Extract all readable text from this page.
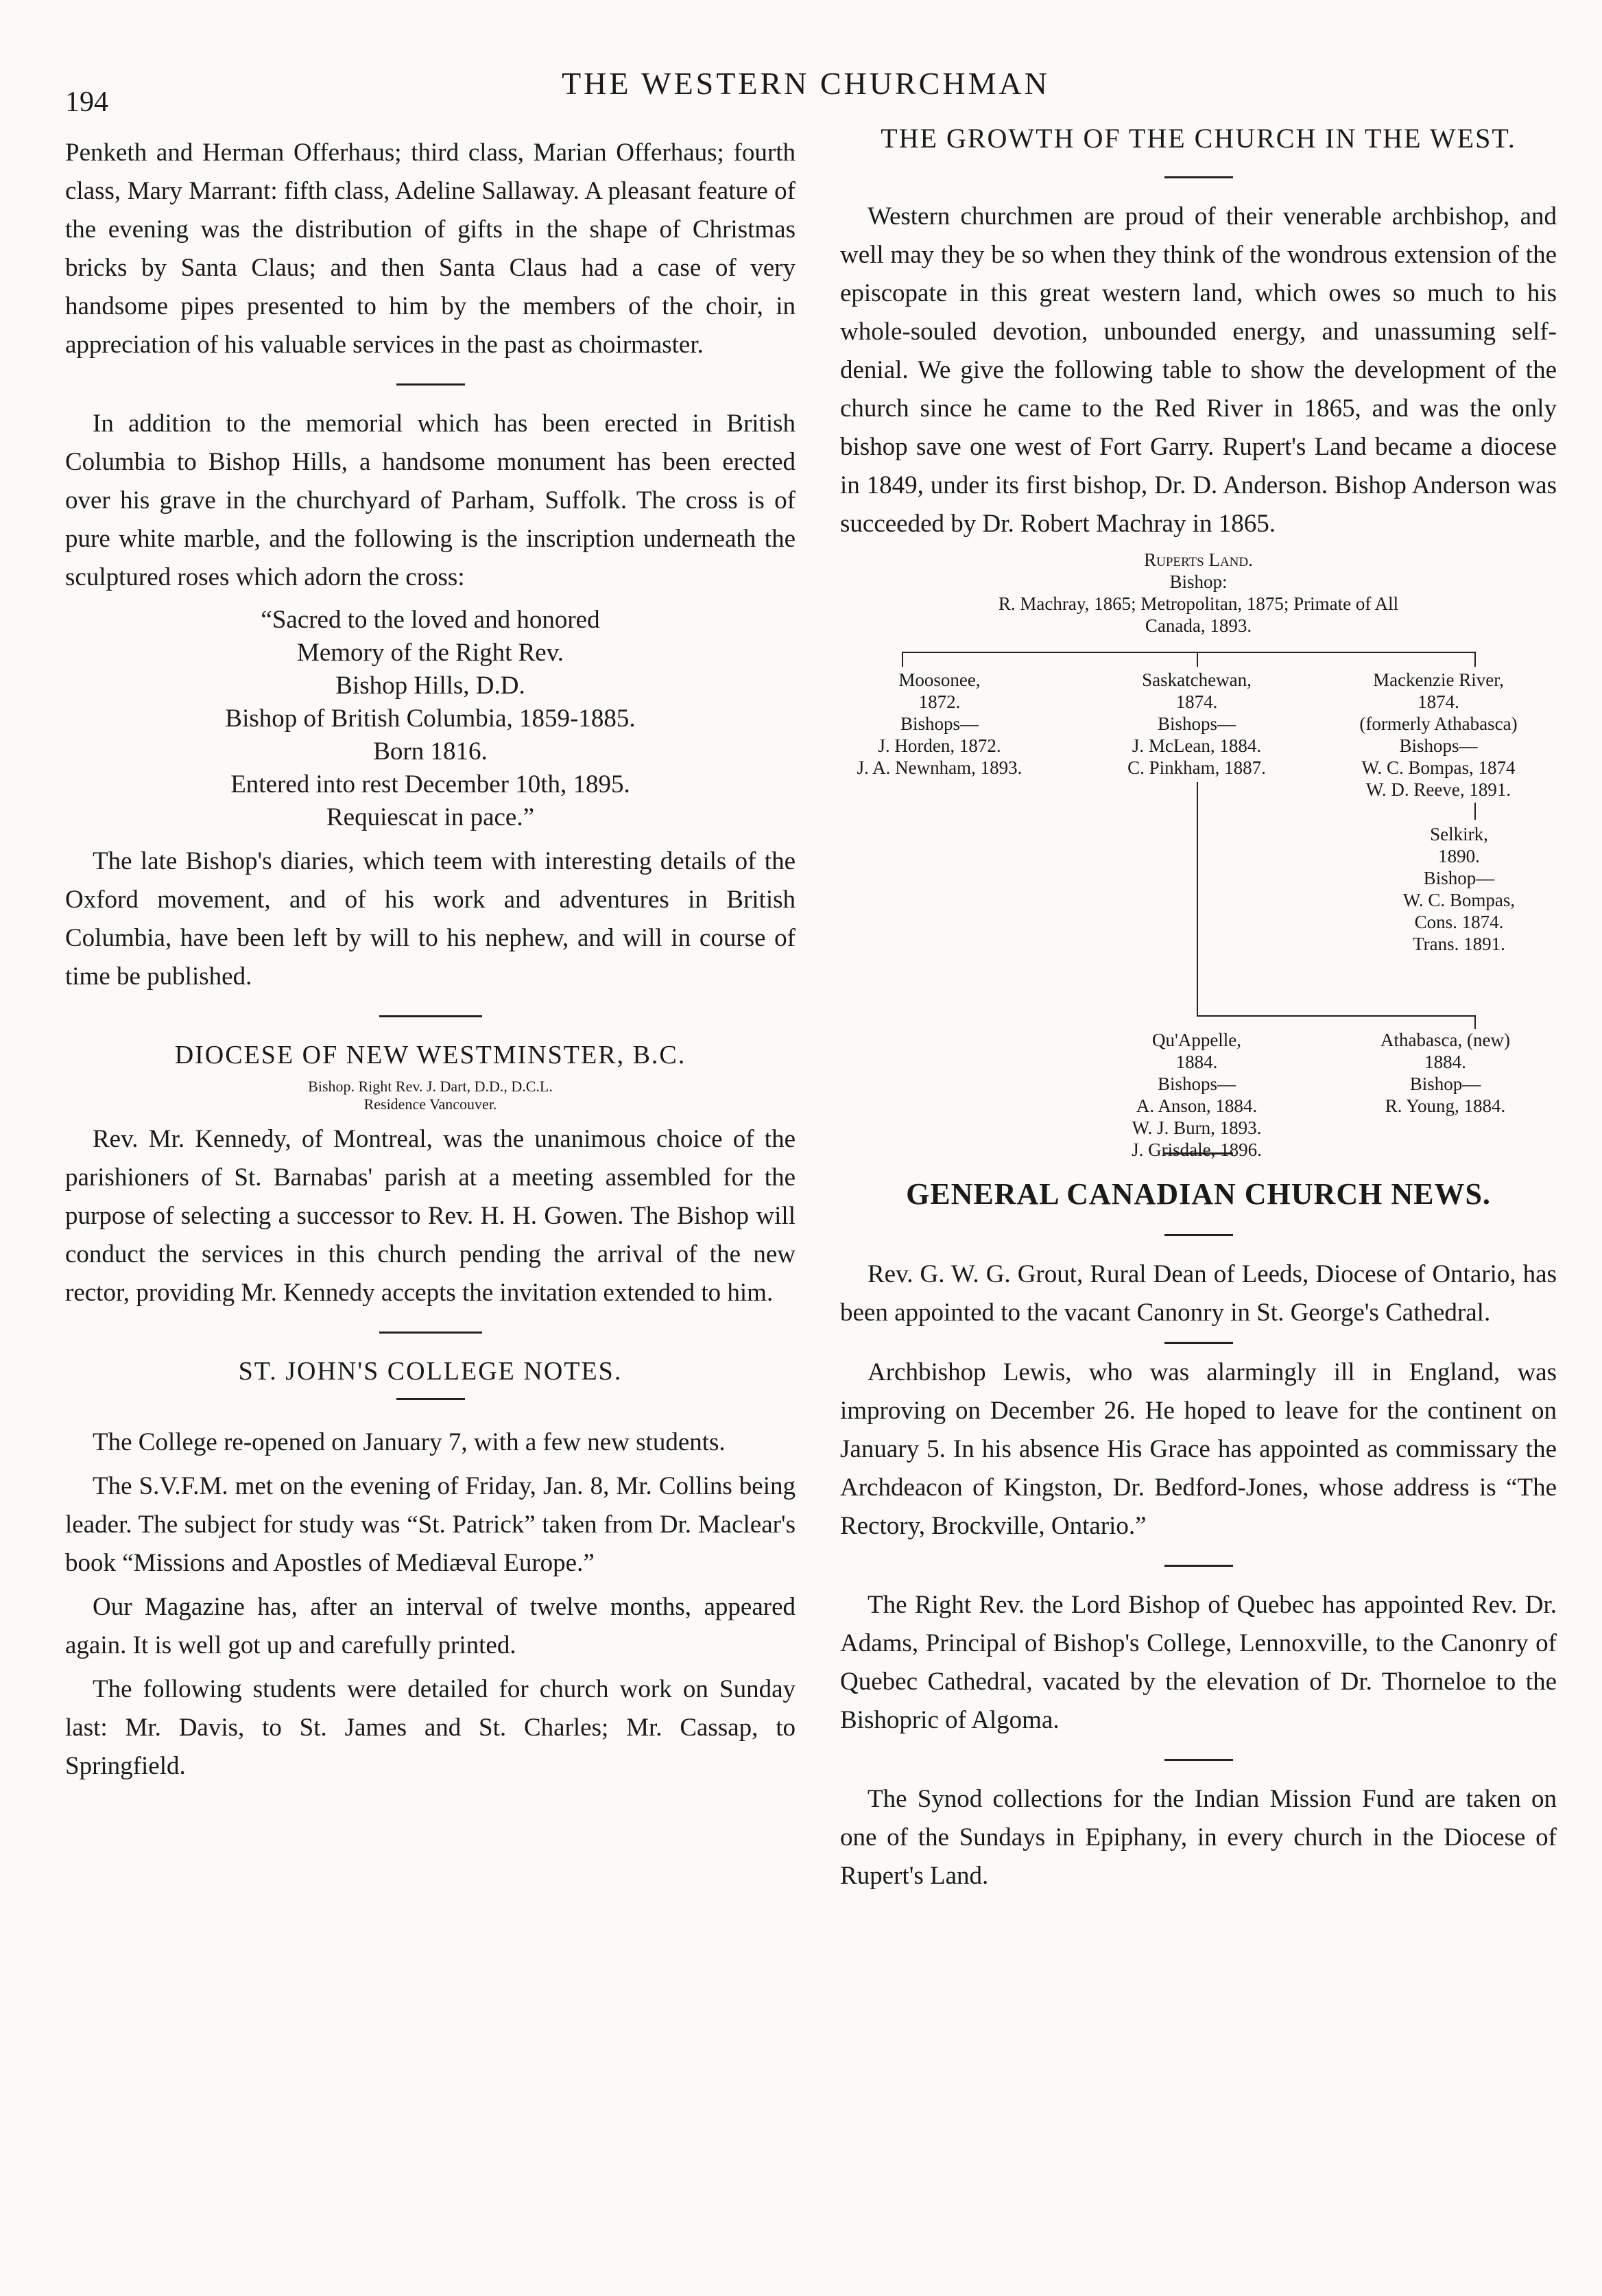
194
THE WESTERN CHURCHMAN

Penketh and Herman Offerhaus; third class, Marian Offerhaus; fourth class, Mary Marrant: fifth class, Adeline Sallaway. A pleasant feature of the evening was the distribution of gifts in the shape of Christmas bricks by Santa Claus; and then Santa Claus had a case of very handsome pipes presented to him by the members of the choir, in appreciation of his valuable services in the past as choirmaster.

In addition to the memorial which has been erected in British Columbia to Bishop Hills, a handsome monument has been erected over his grave in the churchyard of Parham, Suffolk. The cross is of pure white marble, and the following is the inscription underneath the sculptured roses which adorn the cross:

“Sacred to the loved and honored

Memory of the Right Rev.

Bishop Hills, D.D.

Bishop of British Columbia, 1859-1885.

Born 1816.

Entered into rest December 10th, 1895.

Requiescat in pace.”

The late Bishop's diaries, which teem with interesting details of the Oxford movement, and of his work and adventures in British Columbia, have been left by will to his nephew, and will in course of time be published.

DIOCESE OF NEW WESTMINSTER, B.C.

Bishop. Right Rev. J. Dart, D.D., D.C.L.
Residence Vancouver.

Rev. Mr. Kennedy, of Montreal, was the unanimous choice of the parishioners of St. Barnabas' parish at a meeting assembled for the purpose of selecting a successor to Rev. H. H. Gowen. The Bishop will conduct the services in this church pending the arrival of the new rector, providing Mr. Kennedy accepts the invitation extended to him.

ST. JOHN'S COLLEGE NOTES.

The College re-opened on January 7, with a few new students.

The S.V.F.M. met on the evening of Friday, Jan. 8, Mr. Collins being leader. The subject for study was “St. Patrick” taken from Dr. Maclear's book “Missions and Apostles of Mediæval Europe.”

Our Magazine has, after an interval of twelve months, appeared again. It is well got up and carefully printed.

The following students were detailed for church work on Sunday last: Mr. Davis, to St. James and St. Charles; Mr. Cassap, to Springfield.

THE GROWTH OF THE CHURCH IN THE WEST.

Western churchmen are proud of their venerable archbishop, and well may they be so when they think of the wondrous extension of the episcopate in this great western land, which owes so much to his whole-souled devotion, unbounded energy, and unassuming self-denial. We give the following table to show the development of the church since he came to the Red River in 1865, and was the only bishop save one west of Fort Garry. Rupert's Land became a diocese in 1849, under its first bishop, Dr. D. Anderson. Bishop Anderson was succeeded by Dr. Robert Machray in 1865.

Ruperts Land.
Bishop:
R. Machray, 1865; Metropolitan, 1875; Primate of All
Canada, 1893.
Moosonee,
1872.
Bishops—
J. Horden, 1872.
J. A. Newnham, 1893.
Saskatchewan,
1874.
Bishops—
J. McLean, 1884.
C. Pinkham, 1887.
Mackenzie River,
1874.
(formerly Athabasca)
Bishops—
W. C. Bompas, 1874
W. D. Reeve, 1891.
Selkirk,
1890.
Bishop—
W. C. Bompas,
Cons. 1874.
Trans. 1891.
Qu'Appelle,
1884.
Bishops—
A. Anson, 1884.
W. J. Burn, 1893.
J. Grisdale, 1896.
Athabasca, (new)
1884.
Bishop—
R. Young, 1884.

GENERAL CANADIAN CHURCH NEWS.

Rev. G. W. G. Grout, Rural Dean of Leeds, Diocese of Ontario, has been appointed to the vacant Canonry in St. George's Cathedral.

Archbishop Lewis, who was alarmingly ill in England, was improving on December 26. He hoped to leave for the continent on January 5. In his absence His Grace has appointed as commissary the Archdeacon of Kingston, Dr. Bedford-Jones, whose address is “The Rectory, Brockville, Ontario.”

The Right Rev. the Lord Bishop of Quebec has appointed Rev. Dr. Adams, Principal of Bishop's College, Lennoxville, to the Canonry of Quebec Cathedral, vacated by the elevation of Dr. Thorneloe to the Bishopric of Algoma.

The Synod collections for the Indian Mission Fund are taken on one of the Sundays in Epiphany, in every church in the Diocese of Rupert's Land.
